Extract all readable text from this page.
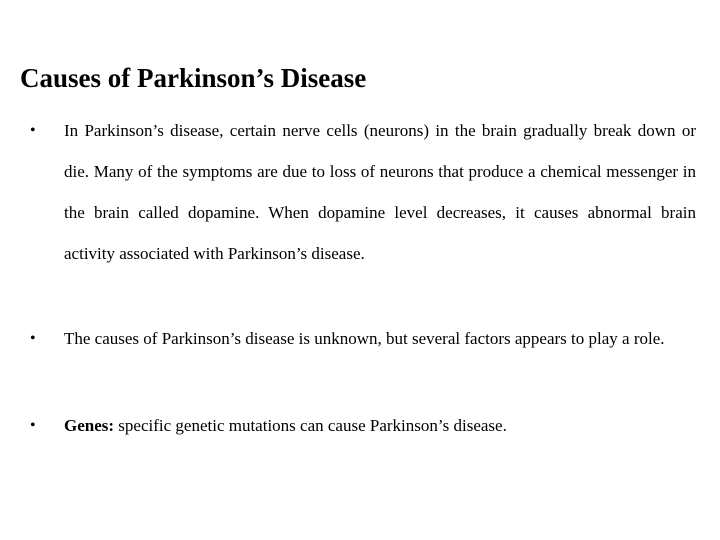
Causes of Parkinson’s Disease
• In Parkinson’s disease, certain nerve cells (neurons) in the brain gradually break down or die. Many of the symptoms are due to loss of neurons that produce a chemical messenger in the brain called dopamine. When dopamine level decreases, it causes abnormal brain activity associated with Parkinson’s disease.

• The causes of Parkinson’s disease is unknown, but several factors appears to play a role.

• Genes: specific genetic mutations can cause Parkinson’s disease.
